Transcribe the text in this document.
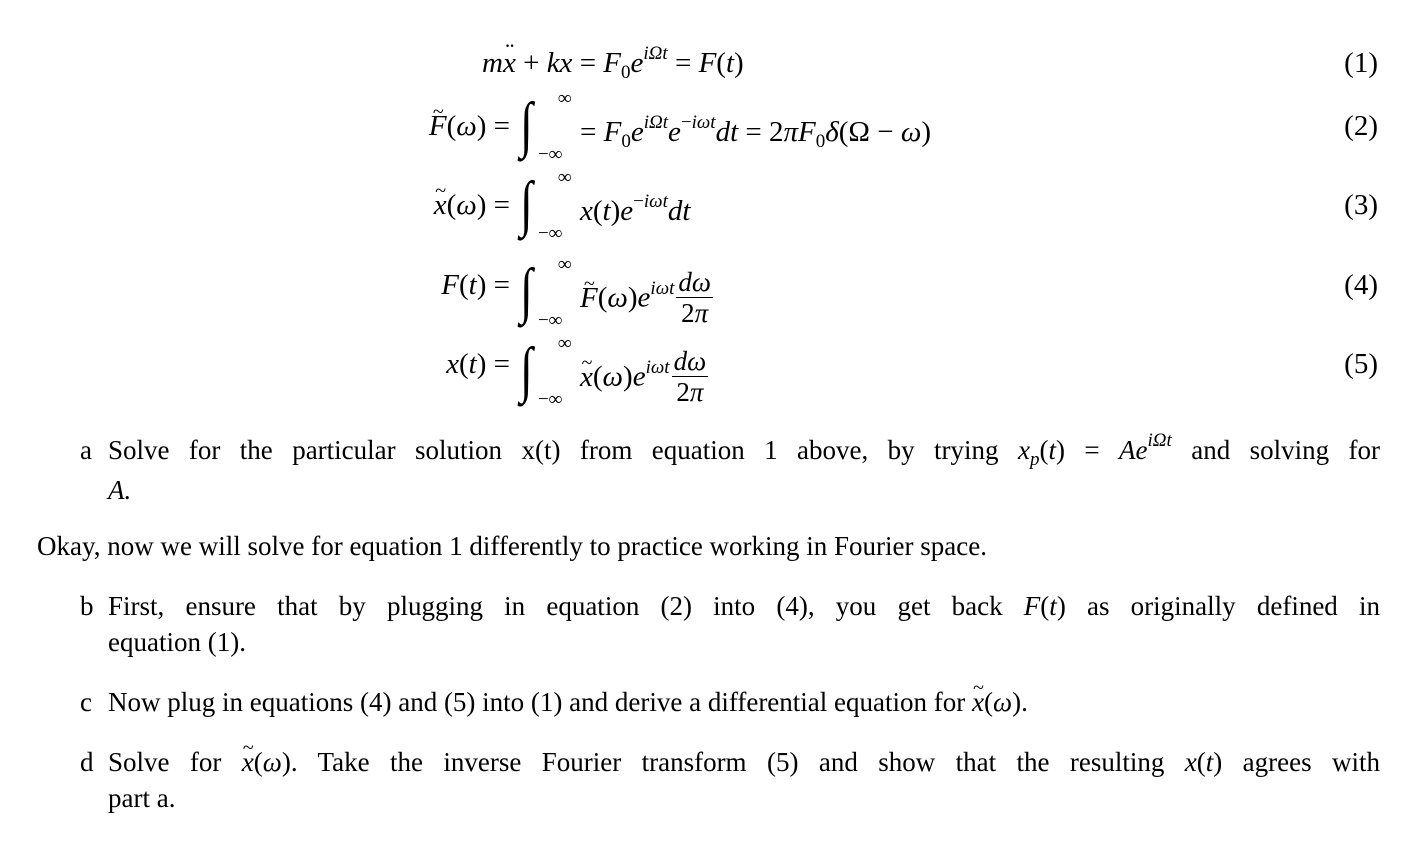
m¨ x + kx = $F_0e^{i\Omega t} = F(t)$	(1)
~ F(ω) = ∫ ∞
−∞
= $F_0e^{i\Omega t}e^{-i\omega t}dt = 2\pi F_0\delta(\Omega - \omega)$	(2)
~ x(ω) = ∫ ∞
−∞
$x(t)e^{-i\omega t}dt$	(3)
F(t) = ∫ ∞
−∞
~ $F(\omega)e^{i\omega t} \frac{d\omega}{2\pi}$	(4)
x(t) = ∫ ∞
−∞
~ $x(\omega)e^{i\omega t} \frac{d\omega}{2\pi}$	(5)
a Solve for the particular solution x(t) from equation 1 above, by trying $x_p(t) = Ae^{i\Omega t}$ and solving for
A.
Okay, now we will solve for equation 1 differently to practice working in Fourier space.
b First, ensure that by plugging in equation (2) into (4), you get back F(t) as originally defined in
equation (1).
c Now plug in equations (4) and (5) into (1) and derive a differential equation for ~ x(ω).
d Solve for ~ x(ω). Take the inverse Fourier transform (5) and show that the resulting x(t) agrees with
part a.
